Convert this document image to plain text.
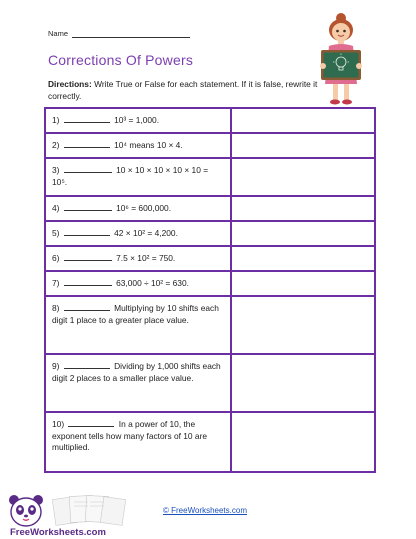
Name
Corrections Of Powers
Directions: Write True or False for each statement. If it is false, rewrite it correctly.
1)	10³ = 1,000.
2)	10⁴ means 10 × 4.
3)	10 × 10 × 10 × 10 × 10 = 10⁵.
4)	10⁶ = 600,000.
5)	42 × 10² = 4,200.
6)	7.5 × 10² = 750.
7)	63,000 ÷ 10² = 630.
8)	Multiplying by 10 shifts each digit 1 place to a greater place value.
9)	Dividing by 1,000 shifts each digit 2 places to a smaller place value.
10)	In a power of 10, the exponent tells how many factors of 10 are multiplied.
FreeWorksheets.com
© FreeWorksheets.com
